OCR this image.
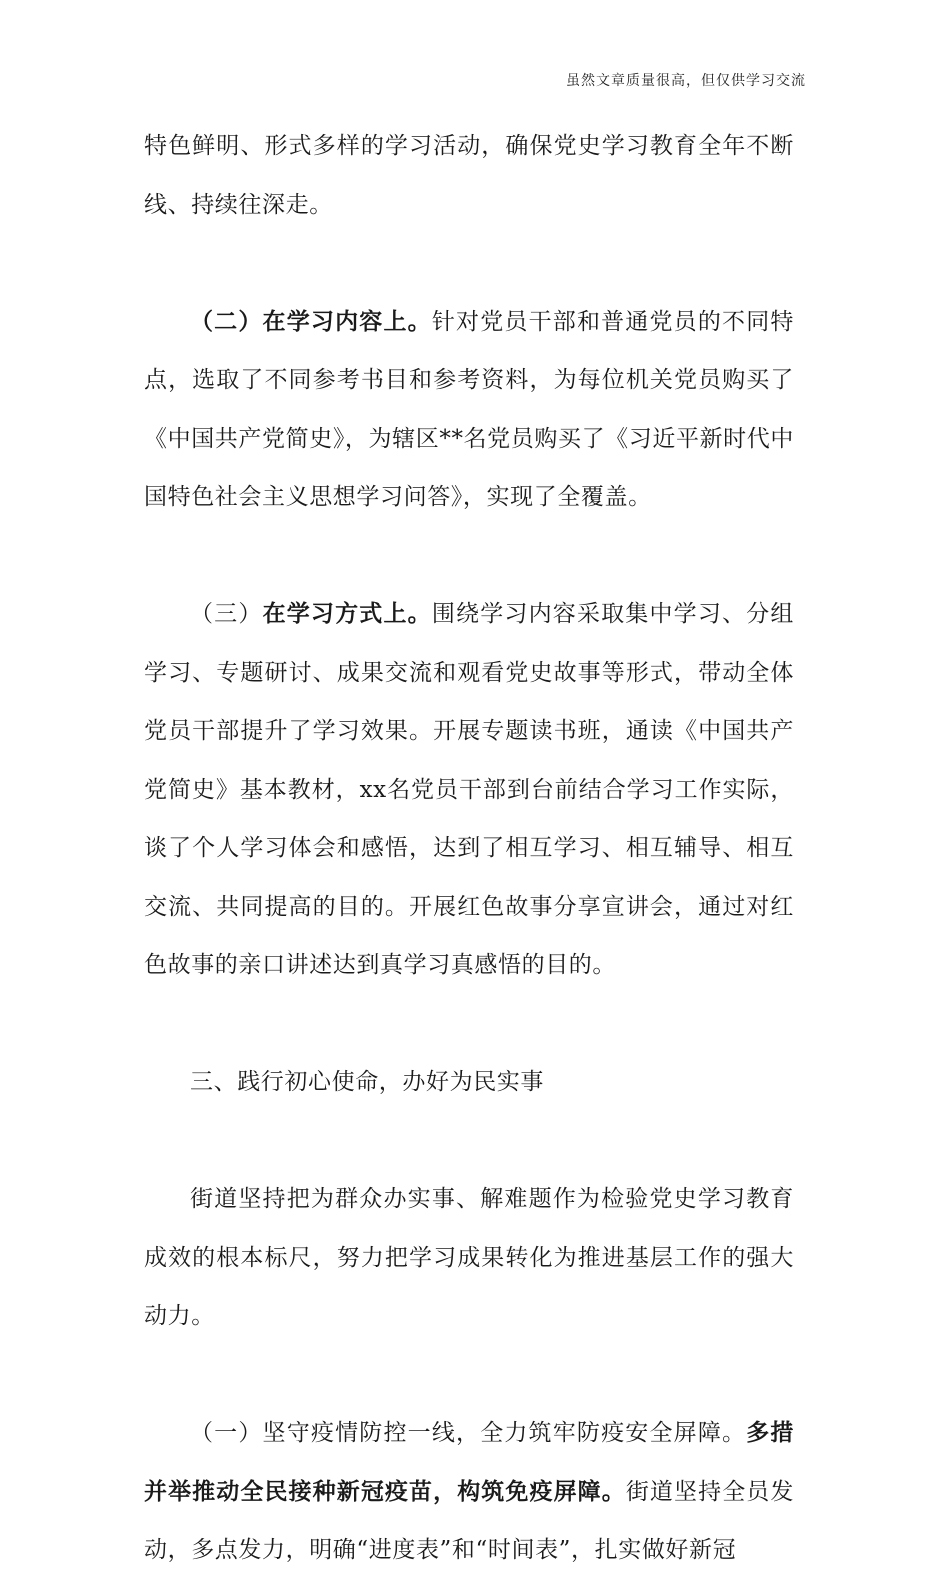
虽然文章质量很高，但仅供学习交流

特色鲜明、形式多样的学习活动，确保党史学习教育全年不断线、持续往深走。

（二）在学习内容上。针对党员干部和普通党员的不同特点，选取了不同参考书目和参考资料，为每位机关党员购买了《中国共产党简史》，为辖区**名党员购买了《习近平新时代中国特色社会主义思想学习问答》，实现了全覆盖。

（三）在学习方式上。围绕学习内容采取集中学习、分组学习、专题研讨、成果交流和观看党史故事等形式，带动全体党员干部提升了学习效果。开展专题读书班，通读《中国共产党简史》基本教材，xx名党员干部到台前结合学习工作实际，谈了个人学习体会和感悟，达到了相互学习、相互辅导、相互交流、共同提高的目的。开展红色故事分享宣讲会，通过对红色故事的亲口讲述达到真学习真感悟的目的。

三、践行初心使命，办好为民实事

街道坚持把为群众办实事、解难题作为检验党史学习教育成效的根本标尺，努力把学习成果转化为推进基层工作的强大动力。

（一）坚守疫情防控一线，全力筑牢防疫安全屏障。多措并举推动全民接种新冠疫苗，构筑免疫屏障。街道坚持全员发动，多点发力，明确“进度表”和“时间表”，扎实做好新冠
